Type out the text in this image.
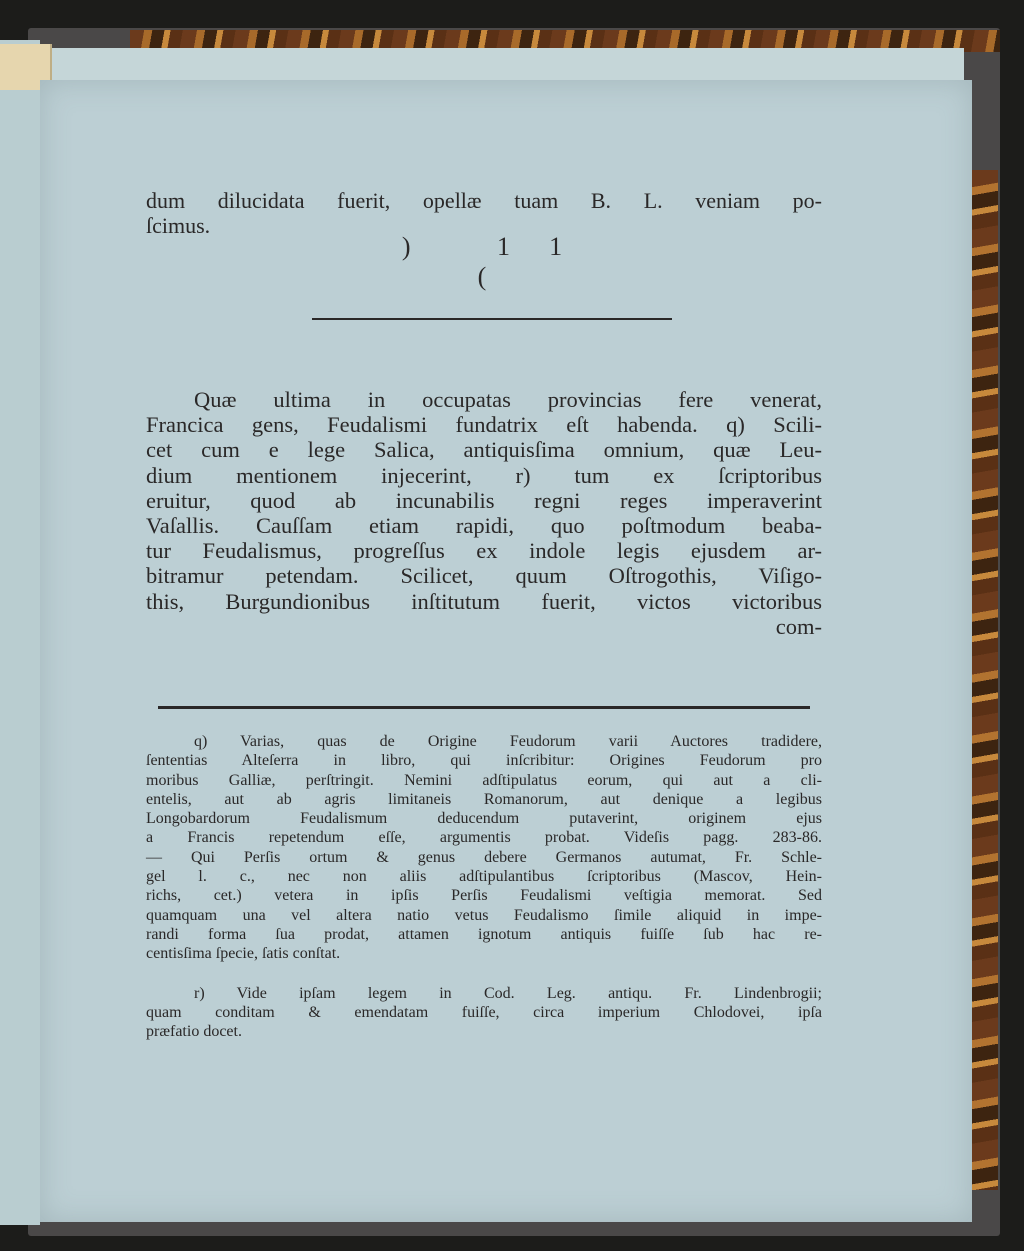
) 11 (
dum dilucidata fuerit, opellæ tuam B. L. veniam po-
ſcimus.
Quæ ultima in occupatas provincias fere venerat,
Francica gens, Feudalismi fundatrix eſt habenda. q) Scili-
cet cum e lege Salica, antiquisſima omnium, quæ Leu-
dium mentionem injecerint, r) tum ex ſcriptoribus
eruitur, quod ab incunabilis regni reges imperaverint
Vaſallis. Cauſſam etiam rapidi, quo poſtmodum beaba-
tur Feudalismus, progreſſus ex indole legis ejusdem ar-
bitramur petendam. Scilicet, quum Oſtrogothis, Viſigo-
this, Burgundionibus inſtitutum fuerit, victos victoribus
com-
q) Varias, quas de Origine Feudorum varii Auctores tradidere,
ſententias Alteſerra in libro, qui inſcribitur: Origines Feudorum pro
moribus Galliæ, perſtringit. Nemini adſtipulatus eorum, qui aut a cli-
entelis, aut ab agris limitaneis Romanorum, aut denique a legibus
Longobardorum Feudalismum deducendum putaverint, originem ejus
a Francis repetendum eſſe, argumentis probat. Videſis pagg. 283-86.
— Qui Perſis ortum & genus debere Germanos autumat, Fr. Schle-
gel l. c., nec non aliis adſtipulantibus ſcriptoribus (Mascov, Hein-
richs, cet.) vetera in ipſis Perſis Feudalismi veſtigia memorat. Sed
quamquam una vel altera natio vetus Feudalismo ſimile aliquid in impe-
randi forma ſua prodat, attamen ignotum antiquis fuiſſe ſub hac re-
centisſima ſpecie, ſatis conſtat.
r) Vide ipſam legem in Cod. Leg. antiqu. Fr. Lindenbrogii;
quam conditam & emendatam fuiſſe, circa imperium Chlodovei, ipſa
præfatio docet.
